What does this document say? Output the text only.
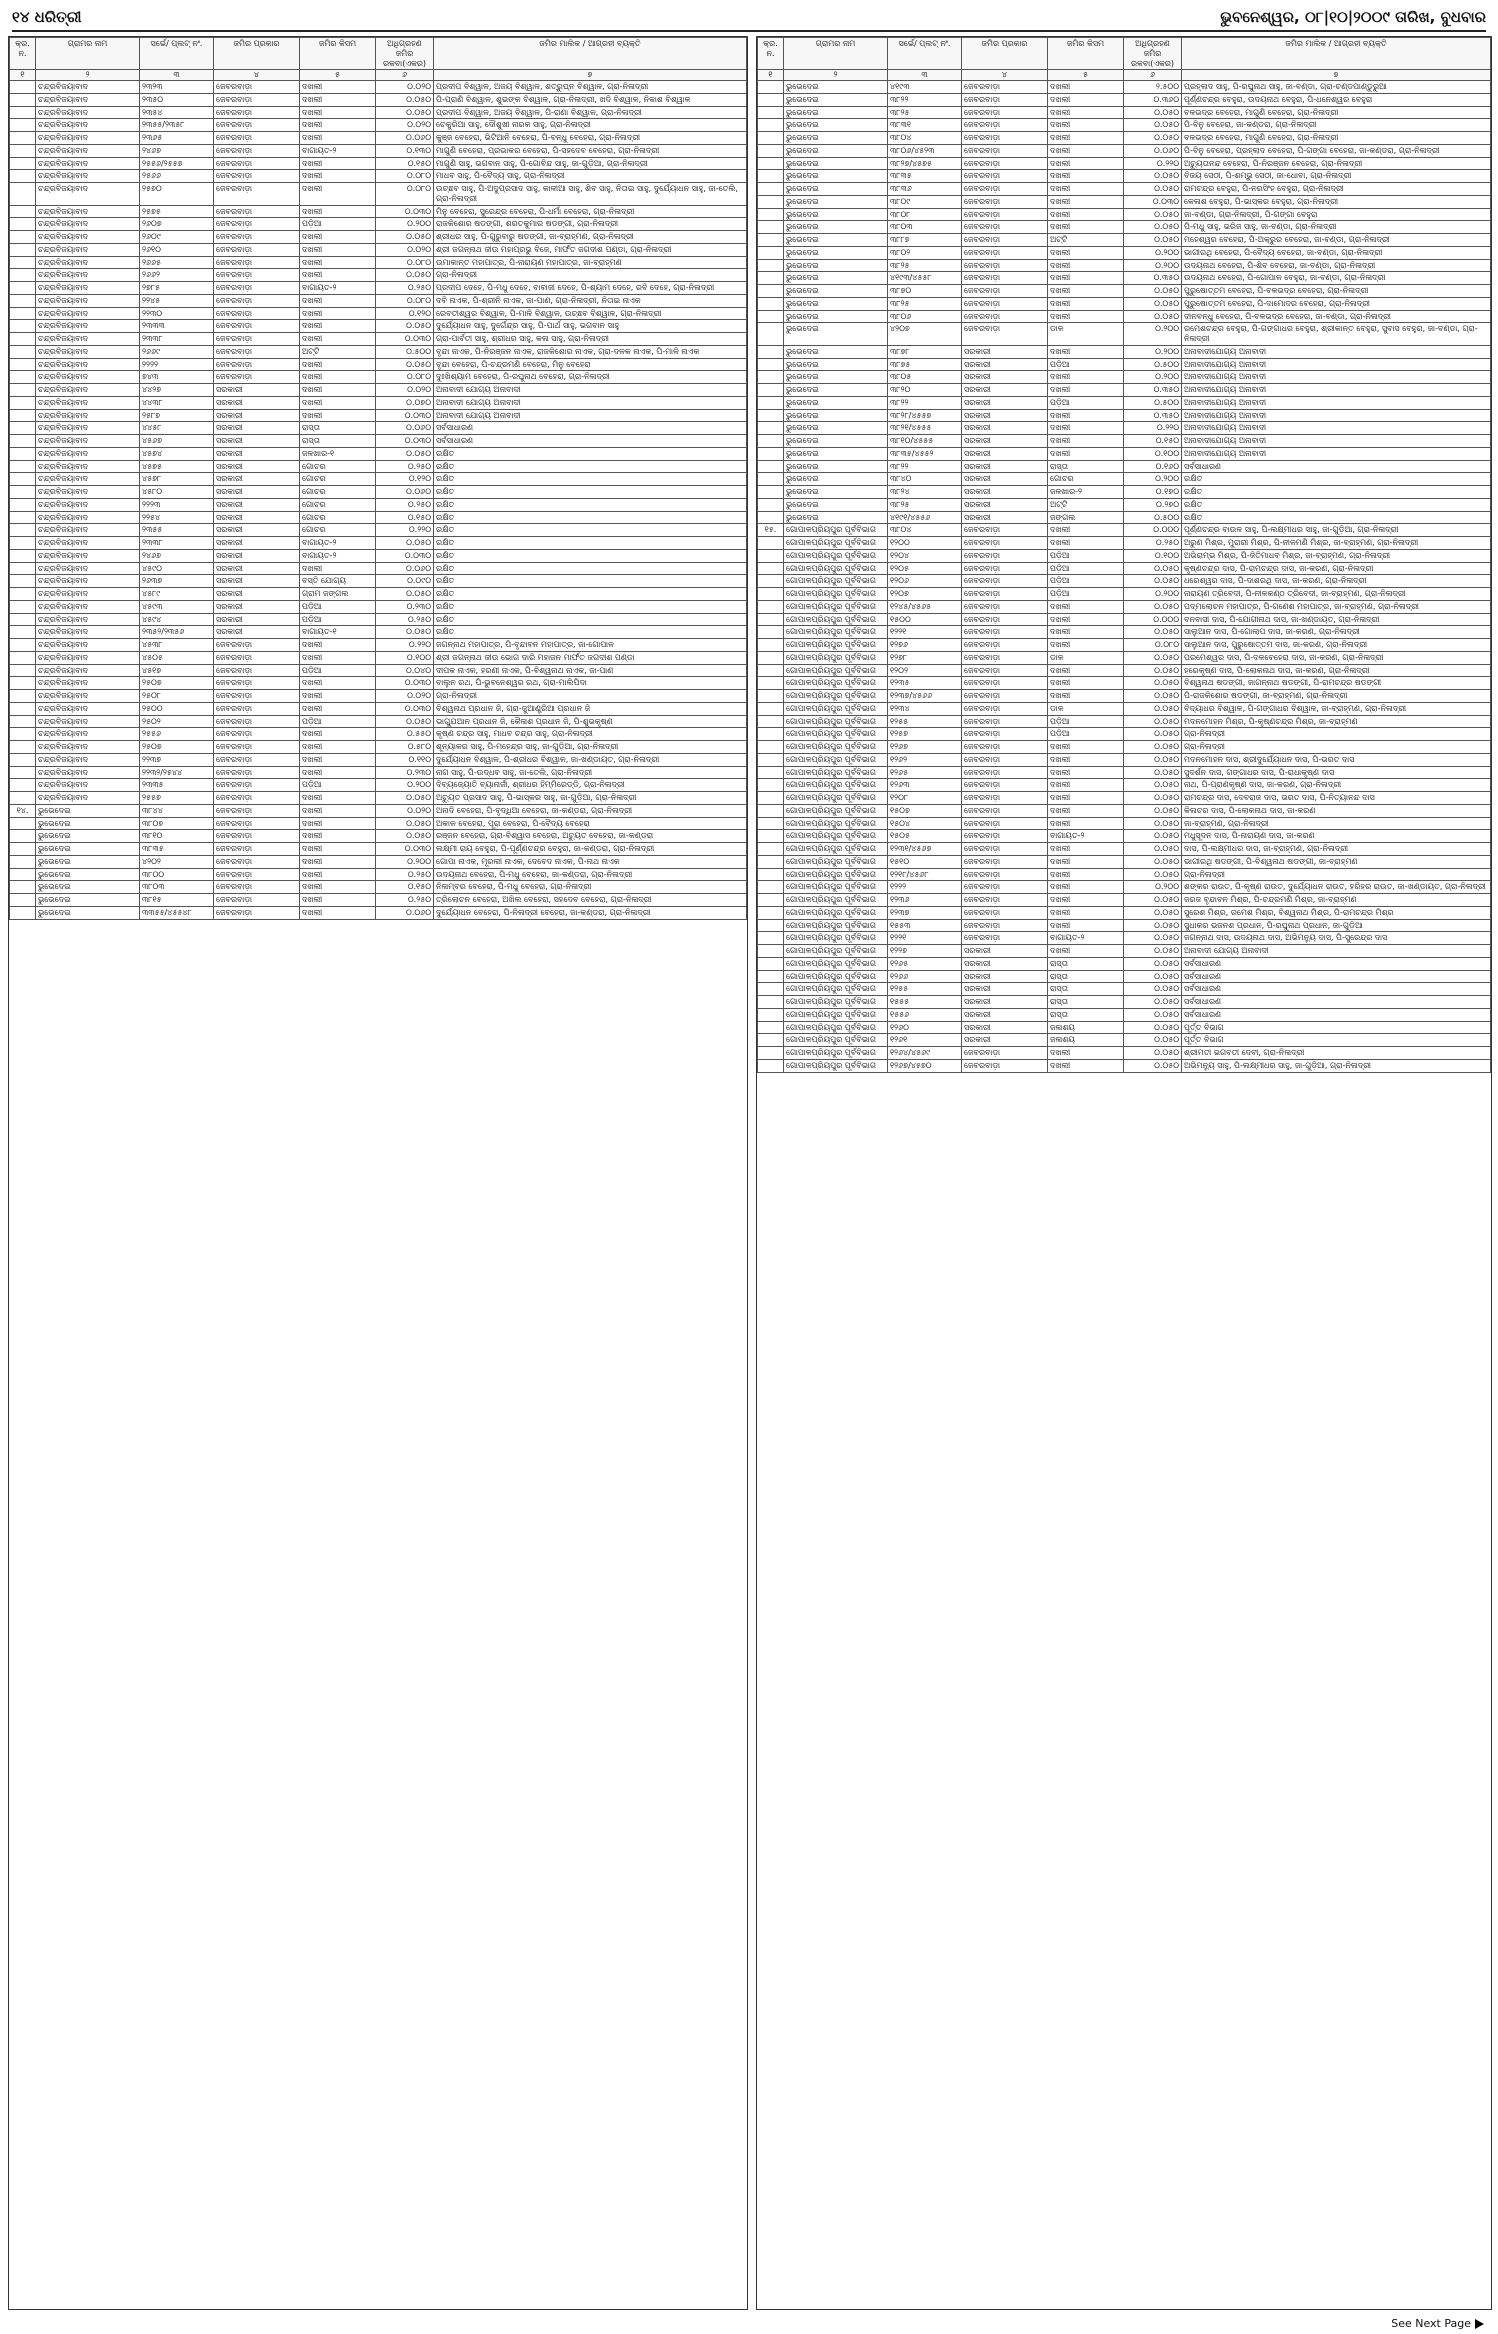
୧୪ ଧରିତ୍ରୀ	ଭୁବନେଶ୍ୱର, ୦୮|୧୦|୨୦୦୯ ତାରିଖ, ବୁଧବାର
କ୍ର. ନ.	ଗ୍ରାମର ନାମ	ସର୍ଭେ/ ପ୍ଲଟ୍ ନଂ.	ଜମିର ପ୍ରକାର	ଜମିର କିସମ	ଅଧିଗ୍ରହଣ ଜମିର ରକବା(ଏକର)	ଜମିର ମାଲିକ / ଆଗ୍ରହୀ ବ୍ୟକ୍ତି
୧	୨	୩	୪	୫	୬	୭
	ଚନ୍ଦ୍ରବିଜୟାବାଦ	୨୩୨୩	ଜେବରବାଡ଼ା	ଦଖଲୀ	୦.୦୨୦	ପ୍ରଦୀପ ବିଶ୍ୱାଳ, ଅଜୟ ବିଶ୍ୱାଳ, ଶତ୍ରୁଘ୍ନ ବିଶ୍ୱାଳ, ଗ୍ରା-ନିଳାଦ୍ରୀ
	ଚନ୍ଦ୍ରବିଜୟାବାଦ	୨୩୫୦	ଜେବରବାଡ଼ା	ଦଖଲୀ	୦.୦୫୦	ପି-ପ୍ରାଣି ବିଶ୍ୱାଳ, ଶୁଭଙ୍କ ବିଶ୍ୱାଳ, ଗ୍ରା-ନିଳାଦ୍ରୀ, ଖଦି ବିଶ୍ୱାଳ, ନିକାଶ ବିଶ୍ୱାଳ
	ଚନ୍ଦ୍ରବିଜୟାବାଦ	୨୩୫୪	ଜେବରବାଡ଼ା	ଦଖଲୀ	୦.୦୫୦	ପ୍ରଦୀପ ବିଶ୍ୱାଳ, ଅଜୟ ବିଶ୍ୱାଳ, ପି-ରାଣା ବିଶ୍ୱାଳ, ଗ୍ରା-ନିଳାଦ୍ରୀ
	ଚନ୍ଦ୍ରବିଜୟାବାଦ	୨୩୫୫/୨୩୫୮	ଜେବରବାଡ଼ା	ଦଖଲୀ	୦.୦୨୦	ଚେକୁରିଆ ସାହୁ, ଦୌଶୁଖୀ ନାରକ ସାହୁ, ଗ୍ରା-ନିଳାଦ୍ରୀ
	ଚନ୍ଦ୍ରବିଜୟାବାଦ	୨୩୬୫	ଜେବରବାଡ଼ା	ଦଖଲୀ	୦.୦୬୦	କୁଞ୍ଜ ବେହେରା, ଭିଟିଆନି ବେହେରା, ପି-ବନ୍ଧୁ ବେହେରା, ଗ୍ରା-ନିଳାଦ୍ରୀ
	ଚନ୍ଦ୍ରବିଜୟାବାଦ	୨୪୬୭	ଜେବରବାଡ଼ା	ବାଗାୟତ-୨	୦.୧୩୦	ମାଗୁଣି ବେହେରା, ପ୍ରଭାକର ବେହେରା, ପି-ସହଦେବ ବେହେରା, ଗ୍ରା-ନିଳାଦ୍ରୀ
	ଚନ୍ଦ୍ରବିଜୟାବାଦ	୨୫୫୬/୨୫୫୭	ଜେବରବାଡ଼ା	ଦଖଲୀ	୦.୧୫୦	ମାଗୁଣି ସାହୁ, ଭଗବାନ ସାହୁ, ପି-ଗୋବିନ୍ଦ ସାହୁ, ଜା-ଗୁଡ଼ିଆ, ଗ୍ରା-ନିଳାଦ୍ରୀ
	ଚନ୍ଦ୍ରବିଜୟାବାଦ	୨୫୬୬	ଜେବରବାଡ଼ା	ଦଖଲୀ	୦.୦୮୦	ମାଧବ ସାହୁ, ପି-ବୈଦ୍ୟ ସାହୁ, ଗ୍ରା-ନିଳାଦ୍ରୀ
	ଚନ୍ଦ୍ରବିଜୟାବାଦ	୨୫୭୦	ଜେବରବାଡ଼ା	ଦଖଲୀ	୦.୦୮୦	ଉଚ୍ଛବ ସାହୁ, ପି-ଅଦୁପ୍ରସାଦ ସାହୁ, କାଳୀଆ ସାହୁ, ଶିବ ସାହୁ, ନିତାଇ ସାହୁ, ଦୁର୍ଯ୍ୟୋଧନ ସାହୁ, ଜା-ତେଲି, ଗ୍ରା-ନିଳାଦ୍ରୀ
	ଚନ୍ଦ୍ରବିଜୟାବାଦ	୨୫୭୫	ଜେବରବାଡ଼ା	ଦଖଲୀ	୦.୦୩୦	ମିନୁ ବେହେରା, ସୁରେନ୍ଦ୍ର ବେହେରା, ପି-ଧର୍ମା ବେହେରା, ଗ୍ରା-ନିଳାଦ୍ରୀ
	ଚନ୍ଦ୍ରବିଜୟାବାଦ	୨୬୦୭	ଜେବରବାଡ଼ା	ପଡ଼ିଆ	୦.୨୦୦	ରାଜକିଶୋର ଷଡଙ୍ଗୀ, ଶରତକୁମାର ଷଡଙ୍ଗୀ, ଗ୍ରା-ନିଳାଦ୍ରୀ
	ଚନ୍ଦ୍ରବିଜୟାବାଦ	୨୬୦୯	ଜେବରବାଡ଼ା	ଦଖଲୀ	୦.୦୫୦	ଶ୍ରୀଧର ସାହୁ, ପି-ଗୁରୁବାରୁ ଷଡଙ୍ଗୀ, ଜା-ବ୍ରାହ୍ମଣ, ଗ୍ରା-ନିଳାଦ୍ରୀ
	ଚନ୍ଦ୍ରବିଜୟାବାଦ	୨୬୧୦	ଜେବରବାଡ଼ା	ଦଖଲୀ	୦.୦୨୦	ଶ୍ରୀ ଜଗନ୍ନାଥ ଜୀଉ ମହାପ୍ରଭୁ ବିଜେ, ମାର୍ଫତ ଜଗଦୀଶ ପଣ୍ଡା, ଗ୍ରା-ନିଳାଦ୍ରୀ
	ଚନ୍ଦ୍ରବିଜୟାବାଦ	୨୬୬୫	ଜେବରବାଡ଼ା	ଦଖଲୀ	୦.୦୮୦	ଉମାକାନ୍ତ ମହାପାତ୍ର, ପି-ନାରାୟଣ ମହାପାତ୍ର, ଜା-ବ୍ରାହ୍ମଣ
	ଚନ୍ଦ୍ରବିଜୟାବାଦ	୨୬୬୨	ଜେବରବାଡ଼ା	ଦଖଲୀ	୦.୦୫୦	ଗ୍ରା-ନିଳାଦ୍ରୀ
	ଚନ୍ଦ୍ରବିଜୟାବାଦ	୨୭୮୫	ଜେବରବାଡ଼ା	ବାଗାୟତ-୨	୦.୨୫୦	ପ୍ରଦୀପ ଦେହେ, ପି-ମଧୁ ଦେହେ, ବାବାଜୀ ଦେହେ, ପି-ଶ୍ୟାମ ଦେହେ, ରବି ଦେହେ, ଗ୍ରା-ନିଳାଦ୍ରୀ
	ଚନ୍ଦ୍ରବିଜୟାବାଦ	୨୨୪୫	ଜେବରବାଡ଼ା	ଦଖଲୀ	୦.୦୮୦	ଦବି ନାଏକ, ପି-ଶ୍ରୀନି ନାଏକ, ଜା-ପାଣ, ଗ୍ରା-ନିଳାଦ୍ରୀ, ନିତାଇ ନାଏକ
	ଚନ୍ଦ୍ରବିଜୟାବାଦ	୨୨୩୦	ଜେବରବାଡ଼ା	ଦଖଲୀ	୦.୧୨୦	ରେବତୀଶ୍ୱର ବିଶ୍ୱାଳ, ପି-ମାଳି ବିଶ୍ୱାଳ, ଉଚ୍ଛବ ବିଶ୍ୱାଳ, ଗ୍ରା-ନିଳାଦ୍ରୀ
	ଚନ୍ଦ୍ରବିଜୟାବାଦ	୨୩୩୩	ଜେବରବାଡ଼ା	ଦଖଲୀ	୦.୦୫୦	ଦୁର୍ଯ୍ୟୋଧନ ସାହୁ, ଦୁର୍ଗେନ୍ଦ୍ର ସାହୁ, ପି-ପାର୍ଥ ସାହୁ, ଭଗବାନ ସାହୁ
	ଚନ୍ଦ୍ରବିଜୟାବାଦ	୨୩୩୮	ଜେବରବାଡ଼ା	ଦଖଲୀ	୦.୦୩୦	ଗ୍ରା-ପାର୍ବତୀ ସାହୁ, ଶ୍ରୀଧର ସାହୁ, କଳା ସାହୁ, ଗ୍ରା-ନିଳାଦ୍ରୀ
	ଚନ୍ଦ୍ରବିଜୟାବାଦ	୨୬୬୯	ଜେବରବାଡ଼ା	ଅଟ୍ଟି	୦.୫୦୦	ବୃନ୍ଦା ନାଏକ, ପି-ନିରଞ୍ଜନ ନାଏକ, ରାଜକିଶୋର ନାଏକ, ଗ୍ରା-ଦଳକ ନାଏକ, ପି-ମାଳି ନାଏକ
	ଚନ୍ଦ୍ରବିଜୟାବାଦ	୨୨୨୨	ଜେବରବାଡ଼ା	ଦଖଲୀ	୦.୦୫୦	ବୃନ୍ଦା ବେହେରା, ପି-ଚନ୍ଦ୍ରମଣି ବେହେରା, ମିନୁ ବେହେରା
	ଚନ୍ଦ୍ରବିଜୟାବାଦ	୭୪୩	ଜେବରବାଡ଼ା	ଦଖଲୀ	୦.୦୮୦	ଦୁଃଖିଶ୍ୟାମ ବେହେରା, ପି-ରଘୁନାଥ ବେହେରା, ଗ୍ରା-ନିଳାଦ୍ରୀ
	ଚନ୍ଦ୍ରବିଜୟାବାଦ	୪୪୨୭	ସରକାରୀ	ଦଖଲୀ	୦.୦୨୦	ଅନାବାଦୀ ଯୋଗ୍ୟ ଅନାବାଦୀ
	ଚନ୍ଦ୍ରବିଜୟାବାଦ	୪୪୩୮	ସରକାରୀ	ଦଖଲୀ	୦.୦୭୦	ଅନାବାଦୀ ଯୋଗ୍ୟ ଅନାବାଦୀ
	ଚନ୍ଦ୍ରବିଜୟାବାଦ	୨୫୮୭	ସରକାରୀ	ଦଖଲୀ	୦.୦୩୦	ଅନାବାଦୀ ଯୋଗ୍ୟ ଅନାବାଦୀ
	ଚନ୍ଦ୍ରବିଜୟାବାଦ	୪୪୫୮	ସରକାରୀ	ରାସ୍ତା	୦.୦୬୦	ସର୍ବସାଧାରଣ
	ଚନ୍ଦ୍ରବିଜୟାବାଦ	୪୫୬୭	ସରକାରୀ	ରାସ୍ତା	୦.୦୩୦	ସର୍ବସାଧାରଣ
	ଚନ୍ଦ୍ରବିଜୟାବାଦ	୪୫୭୪	ସରକାରୀ	ଜଳଖାର-୧	୦.୦୫୦	ରକ୍ଷିତ
	ଚନ୍ଦ୍ରବିଜୟାବାଦ	୪୫୭୫	ସରକାରୀ	ଗୋଚର	୦.୨୫୦	ରକ୍ଷିତ
	ଚନ୍ଦ୍ରବିଜୟାବାଦ	୪୫୭୮	ସରକାରୀ	ଗୋଚର	୦.୧୨୦	ରକ୍ଷିତ
	ଚନ୍ଦ୍ରବିଜୟାବାଦ	୪୫୮୦	ସରକାରୀ	ଗୋଚର	୦.୦୬୦	ରକ୍ଷିତ
	ଚନ୍ଦ୍ରବିଜୟାବାଦ	୨୨୨୩	ସରକାରୀ	ଗୋଚର	୦.୨୫୦	ରକ୍ଷିତ
	ଚନ୍ଦ୍ରବିଜୟାବାଦ	୨୨୫୪	ସରକାରୀ	ଗୋଚର	୦.୧୫୦	ରକ୍ଷିତ
	ଚନ୍ଦ୍ରବିଜୟାବାଦ	୨୩୫୫	ସରକାରୀ	ଗୋଚର	୦.୨୨୦	ରକ୍ଷିତ
	ଚନ୍ଦ୍ରବିଜୟାବାଦ	୨୩୩୮	ସରକାରୀ	ବାଗାୟତ-୨	୦.୦୫୦	ରକ୍ଷିତ
	ଚନ୍ଦ୍ରବିଜୟାବାଦ	୨୪୬୭	ସରକାରୀ	ବାଗାୟତ-୨	୦.୦୩୦	ରକ୍ଷିତ
	ଚନ୍ଦ୍ରବିଜୟାବାଦ	୪୫୯୦	ସରକାରୀ	ଦଖଲୀ	୦.୦୬୦	ରକ୍ଷିତ
	ଚନ୍ଦ୍ରବିଜୟାବାଦ	୨୬୩୭	ସରକାରୀ	ବସ୍ତି ଯୋଗ୍ୟ	୦.୦୯୦	ରକ୍ଷିତ
	ଚନ୍ଦ୍ରବିଜୟାବାଦ	୪୫୮୯	ସରକାରୀ	ଗ୍ରାମ ଜଙ୍ଗଲ	୦.୦୫୦	ରକ୍ଷିତ
	ଚନ୍ଦ୍ରବିଜୟାବାଦ	୪୫୯୩	ସରକାରୀ	ପଡ଼ିଆ	୦.୨୩୦	ରକ୍ଷିତ
	ଚନ୍ଦ୍ରବିଜୟାବାଦ	୪୫୯୪	ସରକାରୀ	ପଡ଼ିଆ	୦.୨୫୦	ରକ୍ଷିତ
	ଚନ୍ଦ୍ରବିଜୟାବାଦ	୨୩୫୨/୨୩୫୬	ସରକାରୀ	ବାଗାୟତ-୧	୦.୦୫୦	ରକ୍ଷିତ
	ଚନ୍ଦ୍ରବିଜୟାବାଦ	୪୫୩୮	ଜେବରବାଡ଼ା	ଦଖଲୀ	୦.୨୨୦	ଜଗନ୍ନାଥ ମହାପାତ୍ର, ପି-ବୃନ୍ଦାବନ ମହାପାତ୍ର, ଜା-ଗୋପାଳ
	ଚନ୍ଦ୍ରବିଜୟାବାଦ	୪୫୦୫	ଜେବରବାଡ଼ା	ଦଖଲୀ	୦.୧୦୦	ଶ୍ରୀ ଜଗନ୍ନାଥ ଜୀଉ ଭୋଗ ଦାରି ମହାଜନ ମାର୍ଫତ ଜଗଦୀଶ ପଣ୍ଡା
	ଚନ୍ଦ୍ରବିଜୟାବାଦ	୪୫୧୭	ଜେବରବାଡ଼ା	ପଡ଼ିଆ	୦.୦୪୦	ଦୀପକ ନାଏକ, ହରଣୀ ନାଏକ, ପି-ବିଶ୍ୱନାଥ ନାଏକ, ଜା-ପାଣ
	ଚନ୍ଦ୍ରବିଜୟାବାଦ	୨୫୦୭	ଜେବରବାଡ଼ା	ଦଖଲୀ	୦.୦୩୦	ବାଲୁନ ରଥ, ପି-ଭୁବନେଶ୍ୱର ରଥ, ଗ୍ରା-ମାଲିପିଦା
	ଚନ୍ଦ୍ରବିଜୟାବାଦ	୨୫୦୮	ଜେବରବାଡ଼ା	ଦଖଲୀ	୦.୦୨୦	ଗ୍ରା-ନିଳାଦ୍ରୀ
	ଚନ୍ଦ୍ରବିଜୟାବାଦ	୨୫୦୦	ଜେବରବାଡ଼ା	ଦଖଲୀ	୦.୦୩୦	ବିଶ୍ୱନାଥ ପ୍ରଧାନ ଜି, ଗ୍ରା-ଜୁଆଣ୍ଡ୍ରିଆ ପ୍ରଧାନ ଜି
	ଚନ୍ଦ୍ରବିଜୟାବାଦ	୨୫୦୨	ଜେବରବାଡ଼ା	ପଡ଼ିଆ	୦.୦୫୦	ଭାଗ୍ଯୁଆନ ପ୍ରଧାନ ଜି, କୈଳାଶ ପ୍ରଧାନ ଜି, ପି-ଶୁଭକୃଷ୍ଣ
	ଚନ୍ଦ୍ରବିଜୟାବାଦ	୨୫୫୬	ଜେବରବାଡ଼ା	ଦଖଲୀ	୦.୫୫୦	କୃଷ୍ଣ ଚନ୍ଦ୍ର ସାହୁ, ମାଧବ ଚନ୍ଦ୍ର ସାହୁ, ଗ୍ରା-ନିଳାଦ୍ରୀ
	ଚନ୍ଦ୍ରବିଜୟାବାଦ	୨୫୦୭	ଜେବରବାଡ଼ା	ଦଖଲୀ	୦.୫୮୦	ଶୂନ୍ୟାକର ସାହୁ, ପି-ମହେନ୍ଦ୍ର ସାହୁ, ଜା-ଗୁଡ଼ିଆ, ଗ୍ରା-ନିଳାଦ୍ରୀ
	ଚନ୍ଦ୍ରବିଜୟାବାଦ	୨୨୩୭	ଜେବରବାଡ଼ା	ଦଖଲୀ	୦.୧୧୦	ଦୁର୍ଯ୍ୟୋଧନ ବିଶ୍ୱାଳ, ପି-ଶ୍ରୀଧର ବିଶ୍ୱାଳ, ଜା-ଖଣ୍ଡାୟତ, ଗ୍ରା-ନିଳାଦ୍ରୀ
	ଚନ୍ଦ୍ରବିଜୟାବାଦ	୨୨୩୨/୨୫୪୪	ଜେବରବାଡ଼ା	ଦଖଲୀ	୦.୨୩୦	ନାଗ ସାହୁ, ପି-ଉଦ୍ଧବ ସାହୁ, ଜା-ତେଲି, ଗ୍ରା-ନିଳାଦ୍ରୀ
	ଚନ୍ଦ୍ରବିଜୟାବାଦ	୨୩୩୫	ଜେବରବାଡ଼ା	ପଡ଼ିଆ	୦.୨୦୦	ଦିବ୍ୟଜ୍ୟୋତି ବ୍ୟାନାର୍ଜୀ, ଶ୍ରୀଧର ହିମ୍ମିରେଡ୍ଡି, ଗ୍ରା-ନିଳାଦ୍ରୀ
	ଚନ୍ଦ୍ରବିଜୟାବାଦ	୨୫୫୭	ଜେବରବାଡ଼ା	ଦଖଲୀ	୦.୦୫୦	ଅଚ୍ୟୁତ ପ୍ରସାଦ ସାହୁ, ପି-ଭାସ୍କର ସାହୁ, ଜା-ଗୁଡ଼ିଆ, ଗ୍ରା-ନିଳାଦ୍ରୀ
୧୪.	ଭୁଭେଦେଇ	୩୮୪୪	ଜେବରବାଡ଼ା	ଦଖଲୀ	୦.୦୨୦	ଅନାଦି ବେହେରା, ପି-ବୃଦ୍ଧିଆ ବେହେରା, ଜା-କଣ୍ଡରା, ଗ୍ରା-ନିଳାଦ୍ରୀ
	ଭୁଭେଦେଇ	୩୮୦୭	ଜେବରବାଡ଼ା	ଦଖଲୀ	୦.୦୫୦	ଅକାଳ ବେହେରା, ପୂରା ବେହେରା, ପି-ବୈଦ୍ୟ ବେହେରା
	ଭୁଭେଦେଇ	୩୮୧୦	ଜେବରବାଡ଼ା	ଦଖଲୀ	୦.୦୫୦	ରଞ୍ଜନ ବେହେରା, ଗ୍ରା-ବିଶ୍ୱାସ ବେହେରା, ଅଚ୍ୟୁତ ବେହେରା, ଜା-କଣ୍ଡରା
	ଭୁଭେଦେଇ	୩୮୩୫	ଜେବରବାଡ଼ା	ଦଖଲୀ	୦.୦୩୦	ଲକ୍ଷ୍ମୀ ରାୟ ବେହୁରା, ପି-ପୂର୍ଣ୍ଣଚନ୍ଦ୍ର ବେହୁରା, ଜା-କଣ୍ଡରା, ଗ୍ରା-ନିଳାଦ୍ରୀ
	ଭୁଭେଦେଇ	୪୨୦୨	ଜେବରବାଡ଼ା	ଦଖଲୀ	୦.୨୦୦	ଗୋପା ନାଏକ, ମୂରଲୀ ନାଏକ, ଦେବେଦ ନାଏକ, ପି-ନାଥ ନାଏକ
	ଭୁଭେଦେଇ	୩୮୦୦	ଜେବରବାଡ଼ା	ଦଖଲୀ	୦.୨୫୦	ଉଦୟନାଥ ବେହେରା, ପି-ମଧୁ ବେହେରା, ଜା-କଣ୍ଡରା, ଗ୍ରା-ନିଳାଦ୍ରୀ
	ଭୁଭେଦେଇ	୩୮୦୩	ଜେବରବାଡ଼ା	ଦଖଲୀ	୦.୧୫୦	ନିଳାମ୍ବର ବେହେରା, ପି-ମଧୁ ବେହେରା, ଗ୍ରା-ନିଳାଦ୍ରୀ
	ଭୁଭେଦେଇ	୩୮୧୫	ଜେବରବାଡ଼ା	ଦଖଲୀ	୦.୨୫୦	ତ୍ରିଲୋଚନ ବେହେରା, ଅଖିଲ ବେହେରା, ସହଦେବ ବେହେରା, ଗ୍ରା-ନିଳାଦ୍ରୀ
	ଭୁଭେଦେଇ	୩୩୫୫/୪୫୫୪୮	ଜେବରବାଡ଼ା	ଦଖଲୀ	୦.୦୬୦	ଦୁର୍ଯ୍ୟୋଧନ ବେହେରା, ପି-ନିଳାଦ୍ରୀ ବେହେରା, ଜା-କଣ୍ଡରା, ଗ୍ରା-ନିଳାଦ୍ରୀ
କ୍ର. ନ.	ଗ୍ରାମର ନାମ	ସର୍ଭେ/ ପ୍ଲଟ୍ ନଂ.	ଜମିର ପ୍ରକାର	ଜମିର କିସମ	ଅଧିଗ୍ରହଣ ଜମିର ରକବା(ଏକର)	ଜମିର ମାଲିକ / ଆଗ୍ରହୀ ବ୍ୟକ୍ତି
୧	୨	୩	୪	୫	୬	୭
	ଭୁଭେଦେଇ	୪୧୯୩	ଜେବରବାଡ଼ା	ଦଖଲୀ	୨.୫୦୦	ପ୍ରହ୍ଲାଦ ସାହୁ, ପି-ରଘୁନାଥ ସାହୁ, ଜା-ବଣ୍ଡା, ଗ୍ରା-ଚଣ୍ଡପାଣ୍ଡୁରୁଆ
	ଭୁଭେଦେଇ	୩୮୨୨	ଜେବରବାଡ଼ା	ଦଖଲୀ	୦.୩୬୦	ପୂର୍ଣ୍ଣଚନ୍ଦ୍ର ବେହୁରା, ଉଦୟନାଥ ବେହୁରା, ପି-ଧନେଶ୍ୱର ବେହୁରା
	ଭୁଭେଦେଇ	୩୮୨୫	ଜେବରବାଡ଼ା	ଦଖଲୀ	୦.୦୫୦	ବଳଭଦ୍ର ବେହେରା, ମାଗୁଣି ବେହେରା, ଗ୍ରା-ନିଳାଦ୍ରୀ
	ଭୁଭେଦେଇ	୩୮୩୧	ଜେବରବାଡ଼ା	ଦଖଲୀ	୦.୦୫୦	ପି-ବିନୁ ବେହେରା, ଜା-କଣ୍ଡରା, ଗ୍ରା-ନିଳାଦ୍ରୀ
	ଭୁଭେଦେଇ	୩୮୦୪	ଜେବରବାଡ଼ା	ଦଖଲୀ	୦.୦୫୦	ବଳଭଦ୍ର ବେହେରା, ମାଗୁଣି ବେହେରା, ଗ୍ରା-ନିଳାଦ୍ରୀ
	ଭୁଭେଦେଇ	୩୮୦୬/୪୫୨୩	ଜେବରବାଡ଼ା	ଦଖଲୀ	୦.୦୬୦	ପି-ବିନୁ ବେହେରା, ପ୍ରହ୍ଲାଦ ବେହେରା, ପି-ଗଙ୍ଗା ବେହେରା, ଜା-କଣ୍ଡରା, ଗ୍ରା-ନିଳାଦ୍ରୀ
	ଭୁଭେଦେଇ	୩୮୨୭/୪୫୭୫	ଜେବରବାଡ଼ା	ଦଖଲୀ	୦.୨୨୦	ଅଚ୍ୟୁତାନନ୍ଦ ବେହେରା, ପି-ନିରଞ୍ଜନ ବେହେରା, ଗ୍ରା-ନିଳାଦ୍ରୀ
	ଭୁଭେଦେଇ	୩୮୩୫	ଜେବରବାଡ଼ା	ଦଖଲୀ	୦.୦୫୦	ବିଜୟ ସେଠୀ, ପି-ଶମ୍ଭୁ ସେଠୀ, ଜା-ଧୋବା, ଗ୍ରା-ନିଳାଦ୍ରୀ
	ଭୁଭେଦେଇ	୩୮୩୬	ଜେବରବାଡ଼ା	ଦଖଲୀ	୦.୦୫୦	ରାମଚନ୍ଦ୍ର ବେହୁରା, ପି-ନରସିଂହ ବେହୁରା, ଗ୍ରା-ନିଳାଦ୍ରୀ
	ଭୁଭେଦେଇ	୩୮୦୯	ଜେବରବାଡ଼ା	ଦଖଲୀ	୦.୦୩୦	କେଳାଶ ବେହୁରା, ପି-ଭାସ୍କର ବେହୁରା, ଗ୍ରା-ନିଳାଦ୍ରୀ
	ଭୁଭେଦେଇ	୩୮୦୮	ଜେବରବାଡ଼ା	ଦଖଲୀ	୦.୦୫୦	ଜା-ବଣ୍ଡା, ଗ୍ରା-ନିଳାଦ୍ରୀ, ପି-ଗଙ୍ଗା ବେହୁରା
	ଭୁଭେଦେଇ	୩୮୦୩	ଜେବରବାଡ଼ା	ଦଖଲୀ	୦.୦୫୦	ପି-ମଧୁ ସାହୁ, ଭରିଜ ସାହୁ, ଜା-ବଣ୍ଡା, ଗ୍ରା-ନିଳାଦ୍ରୀ
	ଭୁଭେଦେଇ	୩୮୮୭	ଜେବରବାଡ଼ା	ଅଟ୍ଟି	୦.୦୫୦	ମହେଶ୍ୱର ବେହେରା, ପି-ଅକ୍ରୁର ବେହେରା, ଜା-ବଣ୍ଡା, ଗ୍ରା-ନିଳାଦ୍ରୀ
	ଭୁଭେଦେଇ	୩୮୦୨	ଜେବରବାଡ଼ା	ଦଖଲୀ	୦.୨୦୦	ଭାଗୀରଥି ବେହେରା, ପି-ବୈଦ୍ୟ ବେହେରା, ଜା-ବଣ୍ଡା, ଗ୍ରା-ନିଳାଦ୍ରୀ
	ଭୁଭେଦେଇ	୩୮୨୫	ଜେବରବାଡ଼ା	ଦଖଲୀ	୦.୨୦୦	ଉଦୟନାଥ ବେହେରା, ପି-ଶିବ ବେହେରା, ଜା-ବଣ୍ଡା, ଗ୍ରା-ନିଳାଦ୍ରୀ
	ଭୁଭେଦେଇ	୪୧୯୩/୪୫୫୮	ଜେବରବାଡ଼ା	ଦଖଲୀ	୦.୩୫୦	ଉଦୟନାଥ ବେହେରା, ପି-ଗୋପାଳ ବେହୁରା, ଜା-ବଣ୍ଡା, ଗ୍ରା-ନିଳାଦ୍ରୀ
	ଭୁଭେଦେଇ	୩୮୭୦	ଜେବରବାଡ଼ା	ଦଖଲୀ	୦.୦୫୦	ପୁରୁଷୋତ୍ତମ ବେହେରା, ପି-ବଳଭଦ୍ର ବେହେରା, ଗ୍ରା-ନିଳାଦ୍ରୀ
	ଭୁଭେଦେଇ	୩୮୨୫	ଜେବରବାଡ଼ା	ଦଖଲୀ	୦.୦୫୦	ପୁରୁଷୋତ୍ତମ ବେହେରା, ପି-ଦାମୋଦର ବେହେରା, ଗ୍ରା-ନିଳାଦ୍ରୀ
	ଭୁଭେଦେଇ	୩୮୦୬	ଜେବରବାଡ଼ା	ଦଖଲୀ	୦.୦୫୦	ଦୀନବନ୍ଧୁ ବେହେରା, ପି-ବଳଭଦ୍ର ବେହେରା, ଜା-ବଣ୍ଡା, ଗ୍ରା-ନିଳାଦ୍ରୀ
	ଭୁଭେଦେଇ	୪୨୦୭	ଜେବରବାଡ଼ା	ଡାଳ	୦.୨୦୦	ରମେଶଚନ୍ଦ୍ର ବେହୁରା, ପି-ଗଙ୍ଗାଧର ବେହୁରା, ଶ୍ରୀକାନ୍ତ ବେହୁରା, ସୁବାସ ବେହୁରା, ଜା-ବଣ୍ଡା, ଗ୍ରା-ନିଳାଦ୍ରୀ
	ଭୁଭେଦେଇ	୩୮୭୮	ସରକାରୀ	ଦଖଲୀ	୦.୨୦୦	ଅନାବାଦୀଯୋଗ୍ୟ ଅନାବାଦୀ
	ଭୁଭେଦେଇ	୩୮୭୫	ସରକାରୀ	ପଡ଼ିଆ	୦.୫୦୦	ଅନାବାଦୀଯୋଗ୍ୟ ଅନାବାଦୀ
	ଭୁଭେଦେଇ	୩୮୦୫	ସରକାରୀ	ଦଖଲୀ	୦.୨୦୦	ଅନାବାଦୀଯୋଗ୍ୟ ଅନାବାଦୀ
	ଭୁଭେଦେଇ	୩୮୨୦	ସରକାରୀ	ଦଖଲୀ	୦.୩୫୦	ଅନାବାଦୀଯୋଗ୍ୟ ଅନାବାଦୀ
	ଭୁଭେଦେଇ	୩୮୨୨	ସରକାରୀ	ପଡ଼ିଆ	୦.୫୦୦	ଅନାବାଦୀଯୋଗ୍ୟ ଅନାବାଦୀ
	ଭୁଭେଦେଇ	୩୮୨୮/୪୫୫୭	ସରକାରୀ	ଦଖଲୀ	୦.୩୫୦	ଅନାବାଦୀଯୋଗ୍ୟ ଅନାବାଦୀ
	ଭୁଭେଦେଇ	୩୮୨୧/୪୫୫୫	ସରକାରୀ	ଦଖଲୀ	୦.୨୨୦	ଅନାବାଦୀଯୋଗ୍ୟ ଅନାବାଦୀ
	ଭୁଭେଦେଇ	୩୮୧୦/୪୫୫୫	ସରକାରୀ	ଦଖଲୀ	୦.୧୫୦	ଅନାବାଦୀଯୋଗ୍ୟ ଅନାବାଦୀ
	ଭୁଭେଦେଇ	୩୮୩୫/୪୫୫୨	ସରକାରୀ	ଦଖଲୀ	୦.୧୦୦	ଅନାବାଦୀଯୋଗ୍ୟ ଅନାବାଦୀ
	ଭୁଭେଦେଇ	୩୮୨୨	ସରକାରୀ	ରାସ୍ତା	୦.୧୬୦	ସର୍ବସାଧାରଣ
	ଭୁଭେଦେଇ	୩୮୪୦	ସରକାରୀ	ଗୋଚର	୦.୨୦୦	ରକ୍ଷିତ
	ଭୁଭେଦେଇ	୩୮୨୪	ସରକାରୀ	ଜଳଖାର-୨	୦.୧୭୦	ରକ୍ଷିତ
	ଭୁଭେଦେଇ	୩୮୨୫	ସରକାରୀ	ଅଟ୍ଟି	୦.୨୭୦	ରକ୍ଷିତ
	ଭୁଭେଦେଇ	୪୧୯୧/୪୫୫୬	ସରକାରୀ	ଜଙ୍ଗଲ	୦.୫୦୦	ରକ୍ଷିତ
୧୫.	ଗୋପାଳପ୍ରିୟପୁର ପୂର୍ବବିଭାଗ	୩୮୦୪	ଜେବରବାଡ଼ା	ଦଖଲୀ	୦.୦୦୦	ପୂର୍ଣ୍ଣଚନ୍ଦ୍ର ବାଉଳ ସାହୁ, ପି-ଲକ୍ଷ୍ମୀଧର ସାହୁ, ଜା-ଗୁଡ଼ିଆ, ଗ୍ରା-ନିଳାଦ୍ରୀ
	ଗୋପାଳପ୍ରିୟପୁର ପୂର୍ବବିଭାଗ	୧୨୦୦	ଜେବରବାଡ଼ା	ଦଖଲୀ	୦.୨୫୦	ଅରୁଣ ମିଶ୍ର, ମୁରାରୀ ମିଶ୍ର, ପି-ନୀଳମଣି ମିଶ୍ର, ଜା-ବ୍ରାହ୍ମଣ, ଗ୍ରା-ନିଳାଦ୍ରୀ
	ଗୋପାଳପ୍ରିୟପୁର ପୂର୍ବବିଭାଗ	୧୨୦୪	ଜେବରବାଡ଼ା	ପଡ଼ିଆ	୦.୧୦୦	ଅଭିରାମ୍ଭ ମିଶ୍ର, ପି-ଜିତିମାଧବ ମିଶ୍ର, ଜା-ବ୍ରାହ୍ମଣ, ଗ୍ରା-ନିଳାଦ୍ରୀ
	ଗୋପାଳପ୍ରିୟପୁର ପୂର୍ବବିଭାଗ	୧୨୦୫	ଜେବରବାଡ଼ା	ପଡ଼ିଆ	୦.୦୫୦	କୃଷ୍ଣଚନ୍ଦ୍ର ଦାସ, ପି-ରାମଚନ୍ଦ୍ର ଦାସ, ଜା-କରଣ, ଗ୍ରା-ନିଳାଦ୍ରୀ
	ଗୋପାଳପ୍ରିୟପୁର ପୂର୍ବବିଭାଗ	୧୨୦୬	ଜେବରବାଡ଼ା	ପଡ଼ିଆ	୦.୦୫୦	ଧରେଶ୍ୱର ଦାସ, ପି-ଦାଶରଥି ଦାସ, ଜା-କରଣ, ଗ୍ରା-ନିଳାଦ୍ରୀ
	ଗୋପାଳପ୍ରିୟପୁର ପୂର୍ବବିଭାଗ	୧୨୦୭	ଜେବରବାଡ଼ା	ପଡ଼ିଆ	୦.୨୦୦	ନାରାୟଣ ତ୍ରିବେଦୀ, ପି-ନୀଳକଣ୍ଠ ତ୍ରିବେଦୀ, ଜା-ବ୍ରାହ୍ମଣ, ଗ୍ରା-ନିଳାଦ୍ରୀ
	ଗୋପାଳପ୍ରିୟପୁର ପୂର୍ବବିଭାଗ	୧୨୪୫/୪୫୬୫	ଜେବରବାଡ଼ା	ଦଖଲୀ	୦.୦୫୦	ପଦ୍ମଲୋଚନ ମହାପାତ୍ର, ପି-ଗଣେଶ ମହାପାତ୍ର, ଜା-ବ୍ରାହ୍ମଣ, ଗ୍ରା-ନିଳାଦ୍ରୀ
	ଗୋପାଳପ୍ରିୟପୁର ପୂର୍ବବିଭାଗ	୧୫୦୦	ଜେବରବାଡ଼ା	ଦଖଲୀ	୦.୦୦୦	ବନବାସୀ ଦାସ, ପି-ଯୋଗୀନାଥ ଦାସ, ଜା-ଖଣ୍ଡାୟତ, ଗ୍ରା-ନିଳାଦ୍ରୀ
	ଗୋପାଳପ୍ରିୟପୁର ପୂର୍ବବିଭାଗ	୧୨୨୧	ଜେବରବାଡ଼ା	ଦଖଲୀ	୦.୦୫୦	ସାଲୁଆନ ଦାସ, ପି-ଗୋଲାପ ଦାସ, ଜା-କରଣ, ଗ୍ରା-ନିଳାଦ୍ରୀ
	ଗୋପାଳପ୍ରିୟପୁର ପୂର୍ବବିଭାଗ	୧୨୭୬	ଜେବରବାଡ଼ା	ଦଖଲୀ	୦.୦୮୦	ସାଲୁଆନ ଦାସ, ପୁରୁଷୋତ୍ତମ ଦାସ, ଜା-କରଣ, ଗ୍ରା-ନିଳାଦ୍ରୀ
	ଗୋପାଳପ୍ରିୟପୁର ପୂର୍ବବିଭାଗ	୧୨୭୮	ଜେବରବାଡ଼ା	ଡାଳ	୦.୦୫୦	ପରମେଶ୍ୱର ଦାସ, ପି-ଦଳବେହେରା ଦାସ, ଜା-କରଣ, ଗ୍ରା-ନିଳାଦ୍ରୀ
	ଗୋପାଳପ୍ରିୟପୁର ପୂର୍ବବିଭାଗ	୧୨୦୨	ଜେବରବାଡ଼ା	ଦଖଲୀ	୦.୦୫୦	ହରେକୃଷ୍ଣ ଦାସ, ପି-ଲୋକନାଥ ଦାସ, ଜା-କରଣ, ଗ୍ରା-ନିଳାଦ୍ରୀ
	ଗୋପାଳପ୍ରିୟପୁର ପୂର୍ବବିଭାଗ	୧୨୩୫	ଜେବରବାଡ଼ା	ଦଖଲୀ	୦.୦୫୦	ବିଶ୍ୱନାଥ ଷଡଙ୍ଗୀ, ଜାଗନ୍ନାଥ ଷଡଙ୍ଗୀ, ପି-ରାମଚନ୍ଦ୍ର ଷଡଙ୍ଗୀ
	ଗୋପାଳପ୍ରିୟପୁର ପୂର୍ବବିଭାଗ	୧୨୩୭/୪୫୬୬	ଜେବରବାଡ଼ା	ଦଖଲୀ	୦.୦୫୦	ପି-ରାଜକିଶୋର ଷଡଙ୍ଗୀ, ଜା-ବ୍ରାହ୍ମଣ, ଗ୍ରା-ନିଳାଦ୍ରୀ
	ଗୋପାଳପ୍ରିୟପୁର ପୂର୍ବବିଭାଗ	୧୨୩୪	ଜେବରବାଡ଼ା	ଡାଳ	୦.୦୫୦	ବିଦ୍ୟାଧର ବିଶ୍ୱାଳ, ପି-ଗଙ୍ଗାଧର ବିଶ୍ୱାଳ, ଜା-ବ୍ରାହ୍ମଣ, ଗ୍ରା-ନିଳାଦ୍ରୀ
	ଗୋପାଳପ୍ରିୟପୁର ପୂର୍ବବିଭାଗ	୧୨୫୫	ଜେବରବାଡ଼ା	ପଡ଼ିଆ	୦.୦୫୦	ମଦନମୋହନ ମିଶ୍ର, ପି-କୃଷ୍ଣଚନ୍ଦ୍ର ମିଶ୍ର, ଜା-ବ୍ରାହ୍ମଣ
	ଗୋପାଳପ୍ରିୟପୁର ପୂର୍ବବିଭାଗ	୧୨୫୭	ଜେବରବାଡ଼ା	ପଡ଼ିଆ	୦.୦୫୦	ଗ୍ରା-ନିଳାଦ୍ରୀ
	ଗୋପାଳପ୍ରିୟପୁର ପୂର୍ବବିଭାଗ	୧୨୬୭	ଜେବରବାଡ଼ା	ଦଖଲୀ	୦.୦୫୦	ଗ୍ରା-ନିଳାଦ୍ରୀ
	ଗୋପାଳପ୍ରିୟପୁର ପୂର୍ବବିଭାଗ	୧୨୬୨	ଜେବରବାଡ଼ା	ଦଖଲୀ	୦.୦୫୦	ମଦନମୋହନ ଦାସ, ଶ୍ରୀଦୁର୍ଯ୍ୟୋଧନ ଦାସ, ପି-ଭରତ ଦାସ
	ଗୋପାଳପ୍ରିୟପୁର ପୂର୍ବବିଭାଗ	୧୨୬୫	ଜେବରବାଡ଼ା	ଦଖଲୀ	୦.୦୫୦	ସୁଦର୍ଶନ ଦାସ, ଗଙ୍ଗାଧର ଦାସ, ପି-ରାଧାକୃଷ୍ଣ ଦାସ
	ଗୋପାଳପ୍ରିୟପୁର ପୂର୍ବବିଭାଗ	୧୨୬୩	ଜେବରବାଡ଼ା	ଦଖଲୀ	୦.୦୫୦	ନାଥ, ପି-ପ୍ରାଣକୃଷ୍ଣ ଦାସ, ଜା-କରଣ, ଗ୍ରା-ନିଳାଦ୍ରୀ
	ଗୋପାଳପ୍ରିୟପୁର ପୂର୍ବବିଭାଗ	୧୨୦୮	ଜେବରବାଡ଼ା	ଦଖଲୀ	୦.୦୫୦	ରାମଚନ୍ଦ୍ର ଦାସ, ଦେବରାଜ ଦାସ, ଭରତ ଦାସ, ପି-ନିତ୍ୟାନନ୍ଦ ଦାସ
	ଗୋପାଳପ୍ରିୟପୁର ପୂର୍ବବିଭାଗ	୧୫୦୭	ଜେବରବାଡ଼ା	ଦଖଲୀ	୦.୦୫୦	କିଳାଚର ଦାସ, ପି-ଲୋକନାଥ ଦାସ, ଜା-କରଣ
	ଗୋପାଳପ୍ରିୟପୁର ପୂର୍ବବିଭାଗ	୧୫୦୪	ଜେବରବାଡ଼ା	ଦଖଲୀ	୦.୦୫୦	ଜା-ବ୍ରାହ୍ମଣ, ଗ୍ରା-ନିଳାଦ୍ରୀ
	ଗୋପାଳପ୍ରିୟପୁର ପୂର୍ବବିଭାଗ	୧୫୦୫	ଜେବରବାଡ଼ା	ବାଗାୟତ-୨	୦.୦୫୦	ମଧୁସୂଦନ ଦାସ, ପି-ନାରାୟଣ ଦାସ, ଜା-କରଣ
	ଗୋପାଳପ୍ରିୟପୁର ପୂର୍ବବିଭାଗ	୧୨୩୧/୪୫୬୭	ଜେବରବାଡ଼ା	ଦଖଲୀ	୦.୦୫୦	ଦାସ, ପି-ଲକ୍ଷ୍ମୀଧର ଦାସ, ଜା-ବ୍ରାହ୍ମଣ, ଗ୍ରା-ନିଳାଦ୍ରୀ
	ଗୋପାଳପ୍ରିୟପୁର ପୂର୍ବବିଭାଗ	୧୫୧୦	ଜେବରବାଡ଼ା	ଦଖଲୀ	୦.୦୫୦	ଭାଗୀରଥି ଷଡଙ୍ଗୀ, ପି-ବିଶ୍ୱନାଥ ଷଡଙ୍ଗୀ, ଜା-ବ୍ରାହ୍ମଣ
	ଗୋପାଳପ୍ରିୟପୁର ପୂର୍ବବିଭାଗ	୧୨୧୮/୪୫୬୮	ଜେବରବାଡ଼ା	ଦଖଲୀ	୦.୦୫୦	ଗ୍ରା-ନିଳାଦ୍ରୀ
	ଗୋପାଳପ୍ରିୟପୁର ପୂର୍ବବିଭାଗ	୧୨୨୨	ଜେବରବାଡ଼ା	ଦଖଲୀ	୦.୨୦୦	ଶଙ୍କର ରାଉତ, ପି-କୃଷ୍ଣ ରାଉତ, ଦୁର୍ଯ୍ୟୋଧନ ରାଉତ, ହରିହର ରାଉତ, ଜା-ଖଣ୍ଡାୟତ, ଗ୍ରା-ନିଳାଦ୍ରୀ
	ଗୋପାଳପ୍ରିୟପୁର ପୂର୍ବବିଭାଗ	୧୨୩୬	ଜେବରବାଡ଼ା	ଦଖଲୀ	୦.୦୫୦	ଜରଜ ବୃନ୍ଦାବନ ମିଶ୍ର, ପି-ଚନ୍ଦ୍ରମଣି ମିଶ୍ର, ଜା-ବ୍ରାହ୍ମଣ
	ଗୋପାଳପ୍ରିୟପୁର ପୂର୍ବବିଭାଗ	୧୨୩୭	ଜେବରବାଡ଼ା	ଦଖଲୀ	୦.୦୫୦	ସୁରେଶ ମିଶ୍ର, ରମେଶ ମିଶ୍ର, ବିଶ୍ୱନାଥ ମିଶ୍ର, ପି-ରାମଚନ୍ଦ୍ର ମିଶ୍ର
	ଗୋପାଳପ୍ରିୟପୁର ପୂର୍ବବିଭାଗ	୧୫୫୩	ଜେବରବାଡ଼ା	ଦଖଲୀ	୦.୦୫୦	ସୁଧାକର ଭଜନଶ ପ୍ରଧାନ, ପି-ରଘୁନାଥ ପ୍ରଧାନ, ଜା-ଗୁଡ଼ିଆ
	ଗୋପାଳପ୍ରିୟପୁର ପୂର୍ବବିଭାଗ	୧୨୨୧	ଜେବରବାଡ଼ା	ବାଗାୟତ-୨	୦.୦୫୦	ଜଗନ୍ନାଥ ଦାସ, ଉଦୟନାଥ ଦାସ, ଅଭିମନ୍ୟୁ ଦାସ, ପି-ସୁରେନ୍ଦ୍ର ଦାସ
	ଗୋପାଳପ୍ରିୟପୁର ପୂର୍ବବିଭାଗ	୧୨୨୭	ସରକାରୀ	ଦଖଲୀ	୦.୦୫୦	ଅନାବାଦୀ ଯୋଗ୍ୟ ଅନାବାଦୀ
	ଗୋପାଳପ୍ରିୟପୁର ପୂର୍ବବିଭାଗ	୧୨୬୫	ସରକାରୀ	ରାସ୍ତା	୦.୦୫୦	ସର୍ବସାଧାରଣ
	ଗୋପାଳପ୍ରିୟପୁର ପୂର୍ବବିଭାଗ	୧୨୬୬	ସରକାରୀ	ରାସ୍ତା	୦.୦୫୦	ସର୍ବସାଧାରଣ
	ଗୋପାଳପ୍ରିୟପୁର ପୂର୍ବବିଭାଗ	୧୨୫୫	ସରକାରୀ	ରାସ୍ତା	୦.୦୫୦	ସର୍ବସାଧାରଣ
	ଗୋପାଳପ୍ରିୟପୁର ପୂର୍ବବିଭାଗ	୧୫୫୫	ସରକାରୀ	ରାସ୍ତା	୦.୦୫୦	ସର୍ବସାଧାରଣ
	ଗୋପାଳପ୍ରିୟପୁର ପୂର୍ବବିଭାଗ	୧୫୫୬	ସରକାରୀ	ରାସ୍ତା	୦.୦୫୦	ସର୍ବସାଧାରଣ
	ଗୋପାଳପ୍ରିୟପୁର ପୂର୍ବବିଭାଗ	୧୨୬୦	ସରକାରୀ	ଜଳାଶୟ	୦.୦୫୦	ପୂର୍ତ୍ତ ବିଭାଗ
	ଗୋପାଳପ୍ରିୟପୁର ପୂର୍ବବିଭାଗ	୧୨୬୧	ସରକାରୀ	ଜଳାଶୟ	୦.୦୫୦	ପୂର୍ତ୍ତ ବିଭାଗ
	ଗୋପାଳପ୍ରିୟପୁର ପୂର୍ବବିଭାଗ	୧୨୬୪/୪୫୬୯	ଜେବରବାଡ଼ା	ଦଖଲୀ	୦.୦୫୦	ଶ୍ରୀମତୀ ଭଗବତୀ ଦେବୀ, ଗ୍ରା-ନିଳାଦ୍ରୀ
	ଗୋପାଳପ୍ରିୟପୁର ପୂର୍ବବିଭାଗ	୧୨୬୭/୪୫୭୦	ଜେବରବାଡ଼ା	ଦଖଲୀ	୦.୦୫୦	ଅଭିମନ୍ୟୁ ସାହୁ, ପି-ଲକ୍ଷ୍ମୀଧର ସାହୁ, ଜା-ଗୁଡ଼ିଆ, ଗ୍ରା-ନିଳାଦ୍ରୀ
See Next Page
